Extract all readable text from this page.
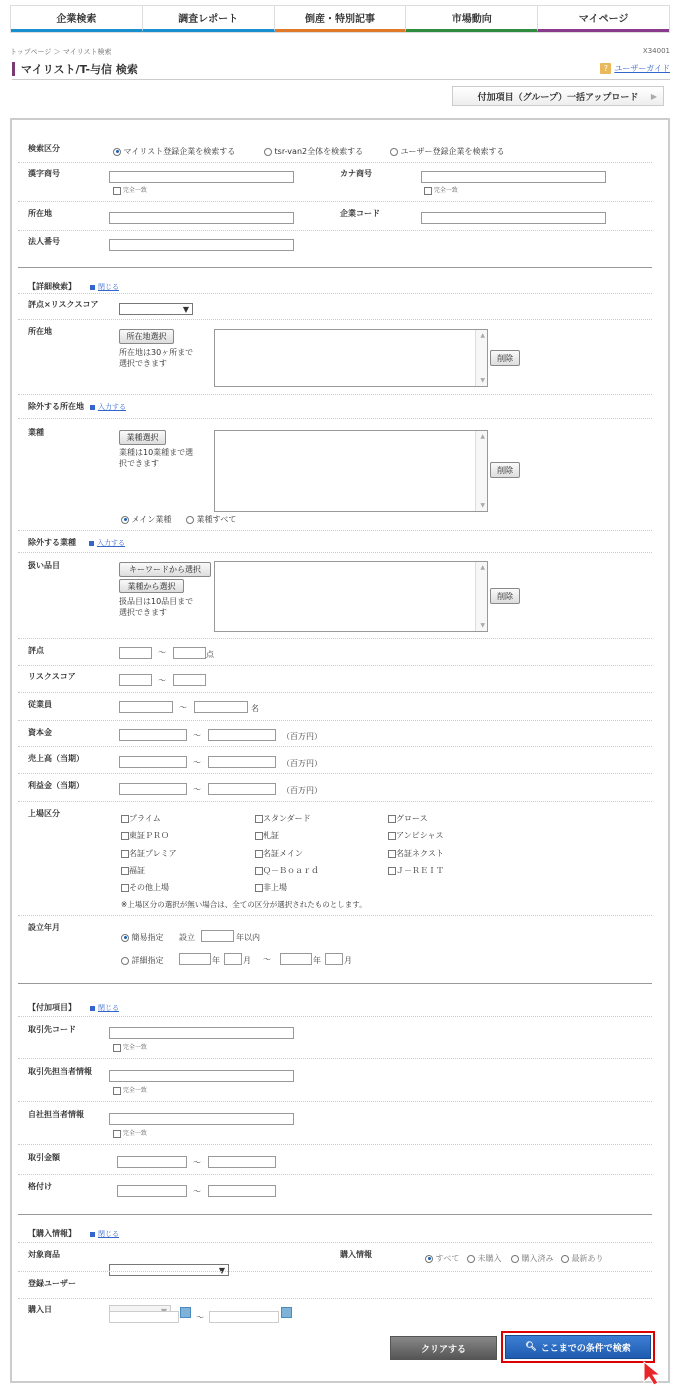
企業検索	調査レポート	倒産・特別記事	市場動向	マイページ
トップページ ＞ マイリスト検索	X34001
マイリスト/T-与信 検索	? ユーザーガイド
付加項目（グループ）一括アップロード ▶
検索区分	マイリスト登録企業を検索する	tsr-van2全体を検索する	ユーザー登録企業を検索する
漢字商号
完全一致
カナ商号
完全一致
所在地	企業コード
法人番号
【詳細検索】	閉じる
評点×リスクスコア
▼
所在地
所在地選択
所在地は30ヶ所まで
選択できます
▲
▼
削除
除外する所在地	入力する
業種
業種選択
業種は10業種まで選
択できます
▲
▼
削除
メイン業種	業種すべて
除外する業種	入力する
扱い品目	キーワードから選択
業種から選択
扱品目は10品目まで
選択できます
▲
▼
削除
評点	～	点
リスクスコア	～
従業員	～	名
資本金	～	（百万円）
売上高（当期）	～	（百万円）
利益金（当期）	～	（百万円）
上場区分
プライム	スタンダード	グロース
東証ＰＲＯ	札証	アンビシャス
名証プレミア	名証メイン	名証ネクスト
福証	Ｑ－Ｂｏａｒｄ	Ｊ－ＲＥＩＴ
その他上場	非上場
※上場区分の選択が無い場合は、全ての区分が選択されたものとします。
設立年月
簡易指定 設立	年以内
詳細指定	年	月 ～	年	月
【付加項目】	閉じる
取引先コード
完全一致
取引先担当者情報
完全一致
自社担当者情報
完全一致
取引金額
～
格付け
～
【購入情報】	閉じる
対象商品
▼
購入情報	すべて	未購入	購入済み	最新あり
登録ユーザー
購入日
～
クリアする	🔍︎ ここまでの条件で検索
